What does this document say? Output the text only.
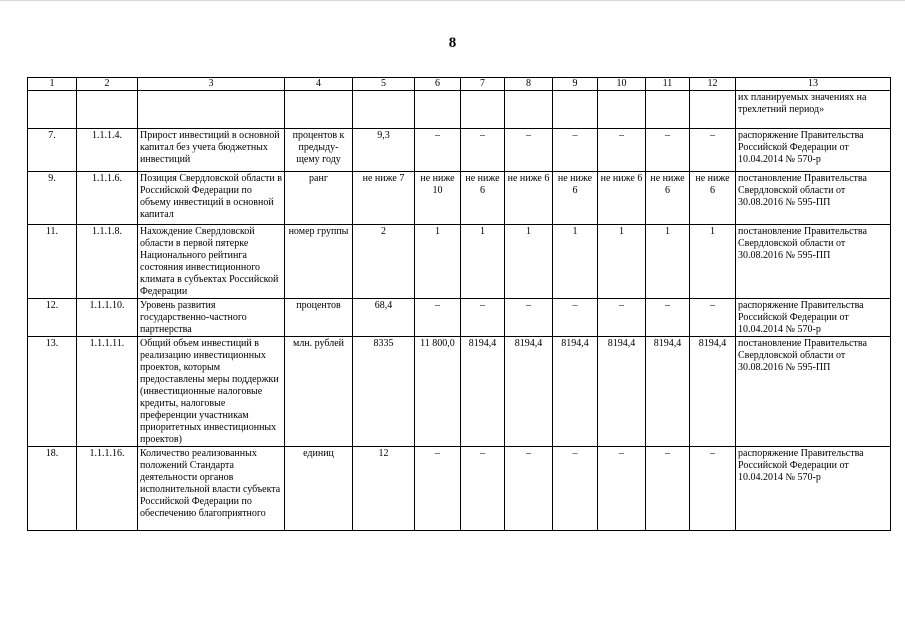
8
1	2	3	4	5	6	7	8	9	10	11	12	13
												их планируемых значениях на трехлетний период»
7.	1.1.1.4.	Прирост инвестиций в основной капитал без учета бюджетных инвестиций	процентов к предыду-щему году	9,3	–	–	–	–	–	–	–	распоряжение Правительства Российской Федерации от 10.04.2014 № 570-р
9.	1.1.1.6.	Позиция Свердловской области в Российской Федерации по объему инвестиций в основной капитал	ранг	не ниже 7	не ниже 10	не ниже 6	не ниже 6	не ниже 6	не ниже 6	не ниже 6	не ниже 6	постановление Правительства Свердловской области от 30.08.2016 № 595-ПП
11.	1.1.1.8.	Нахождение Свердловской области в первой пятерке Национального рейтинга состояния инвестиционного климата в субъектах Российской Федерации	номер группы	2	1	1	1	1	1	1	1	постановление Правительства Свердловской области от 30.08.2016 № 595-ПП
12.	1.1.1.10.	Уровень развития государственно-частного партнерства	процентов	68,4	–	–	–	–	–	–	–	распоряжение Правительства Российской Федерации от 10.04.2014 № 570-р
13.	1.1.1.11.	Общий объем инвестиций в реализацию инвестиционных проектов, которым предоставлены меры поддержки (инвестиционные налоговые кредиты, налоговые преференции участникам приоритетных инвестиционных проектов)	млн. рублей	8335	11 800,0	8194,4	8194,4	8194,4	8194,4	8194,4	8194,4	постановление Правительства Свердловской области от 30.08.2016 № 595-ПП
18.	1.1.1.16.	Количество реализованных положений Стандарта деятельности органов исполнительной власти субъекта Российской Федерации по обеспечению благоприятного	единиц	12	–	–	–	–	–	–	–	распоряжение Правительства Российской Федерации от 10.04.2014 № 570-р
